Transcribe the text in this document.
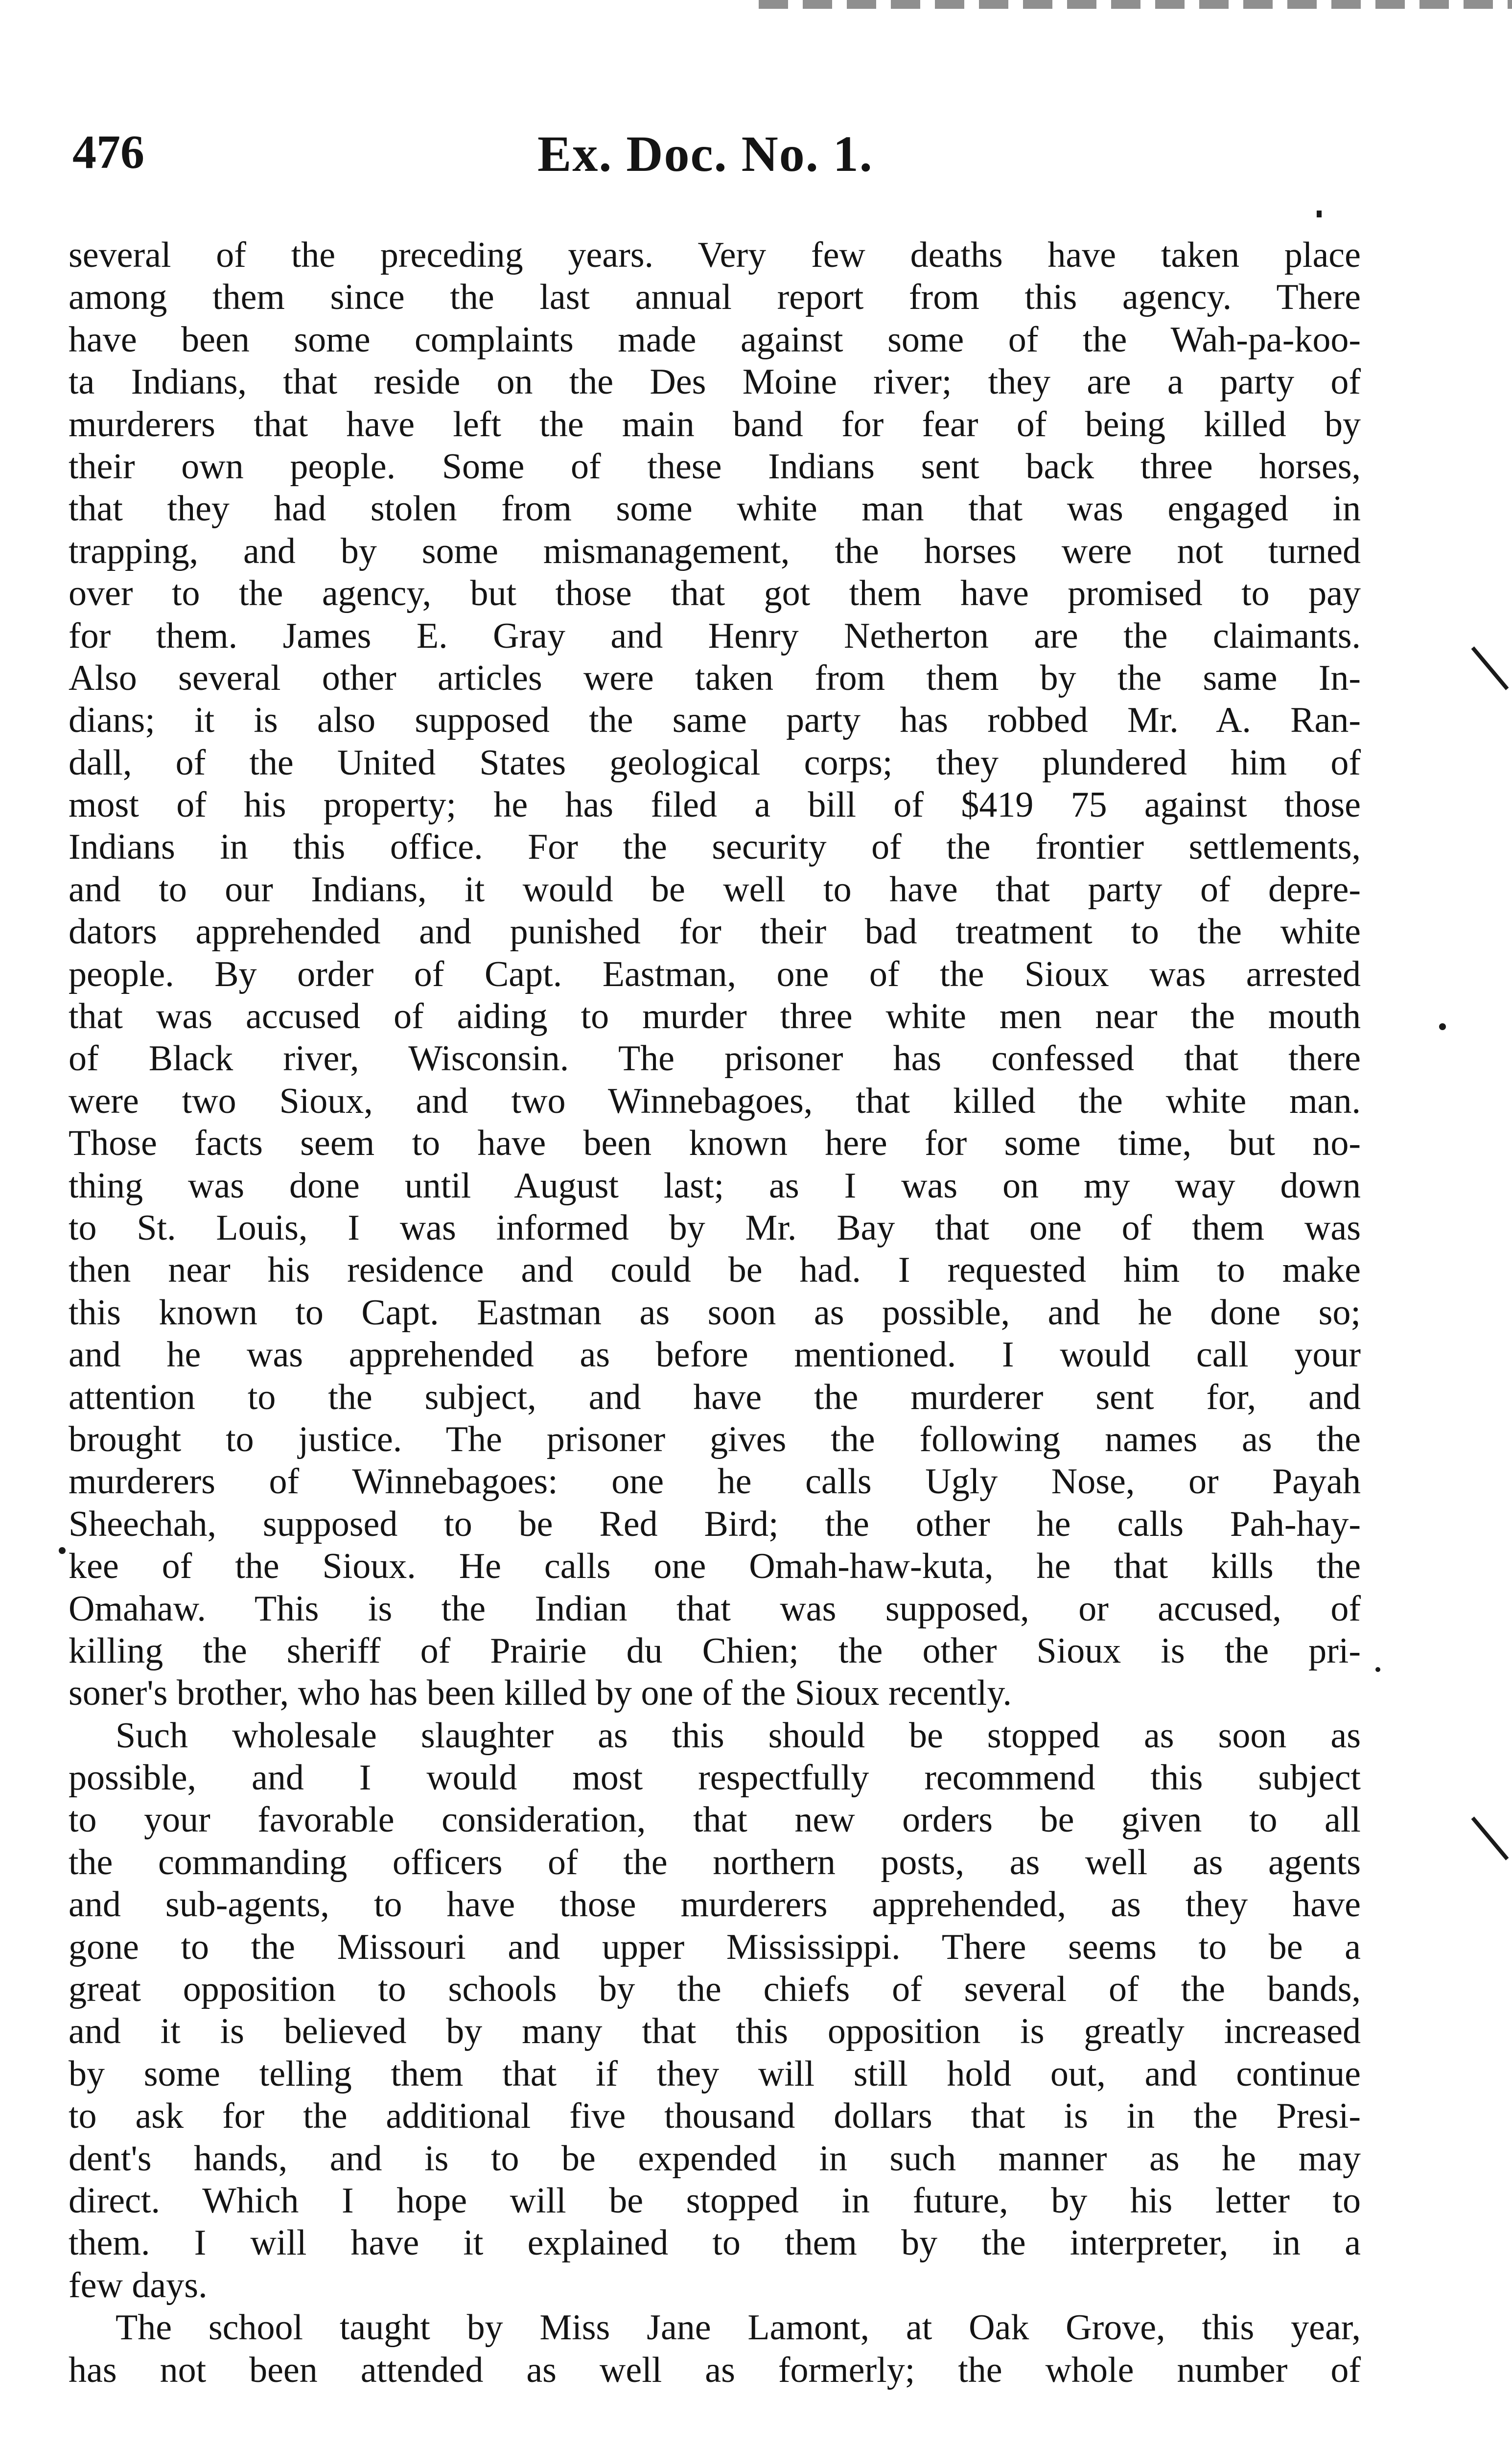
476	Ex. Doc. No. 1.
several of the preceding years. Very few deaths have taken place
among them since the last annual report from this agency. There
have been some complaints made against some of the Wah-pa-koo-
ta Indians, that reside on the Des Moine river; they are a party of
murderers that have left the main band for fear of being killed by
their own people. Some of these Indians sent back three horses,
that they had stolen from some white man that was engaged in
trapping, and by some mismanagement, the horses were not turned
over to the agency, but those that got them have promised to pay
for them. James E. Gray and Henry Netherton are the claimants.
Also several other articles were taken from them by the same In-
dians; it is also supposed the same party has robbed Mr. A. Ran-
dall, of the United States geological corps; they plundered him of
most of his property; he has filed a bill of $419 75 against those
Indians in this office. For the security of the frontier settlements,
and to our Indians, it would be well to have that party of depre-
dators apprehended and punished for their bad treatment to the white
people. By order of Capt. Eastman, one of the Sioux was arrested
that was accused of aiding to murder three white men near the mouth
of Black river, Wisconsin. The prisoner has confessed that there
were two Sioux, and two Winnebagoes, that killed the white man.
Those facts seem to have been known here for some time, but no-
thing was done until August last; as I was on my way down
to St. Louis, I was informed by Mr. Bay that one of them was
then near his residence and could be had. I requested him to make
this known to Capt. Eastman as soon as possible, and he done so;
and he was apprehended as before mentioned. I would call your
attention to the subject, and have the murderer sent for, and
brought to justice. The prisoner gives the following names as the
murderers of Winnebagoes: one he calls Ugly Nose, or Payah
Sheechah, supposed to be Red Bird; the other he calls Pah-hay-
kee of the Sioux. He calls one Omah-haw-kuta, he that kills the
Omahaw. This is the Indian that was supposed, or accused, of
killing the sheriff of Prairie du Chien; the other Sioux is the pri-
soner's brother, who has been killed by one of the Sioux recently.
Such wholesale slaughter as this should be stopped as soon as
possible, and I would most respectfully recommend this subject
to your favorable consideration, that new orders be given to all
the commanding officers of the northern posts, as well as agents
and sub-agents, to have those murderers apprehended, as they have
gone to the Missouri and upper Mississippi. There seems to be a
great opposition to schools by the chiefs of several of the bands,
and it is believed by many that this opposition is greatly increased
by some telling them that if they will still hold out, and continue
to ask for the additional five thousand dollars that is in the Presi-
dent's hands, and is to be expended in such manner as he may
direct. Which I hope will be stopped in future, by his letter to
them. I will have it explained to them by the interpreter, in a
few days.
The school taught by Miss Jane Lamont, at Oak Grove, this year,
has not been attended as well as formerly; the whole number of
